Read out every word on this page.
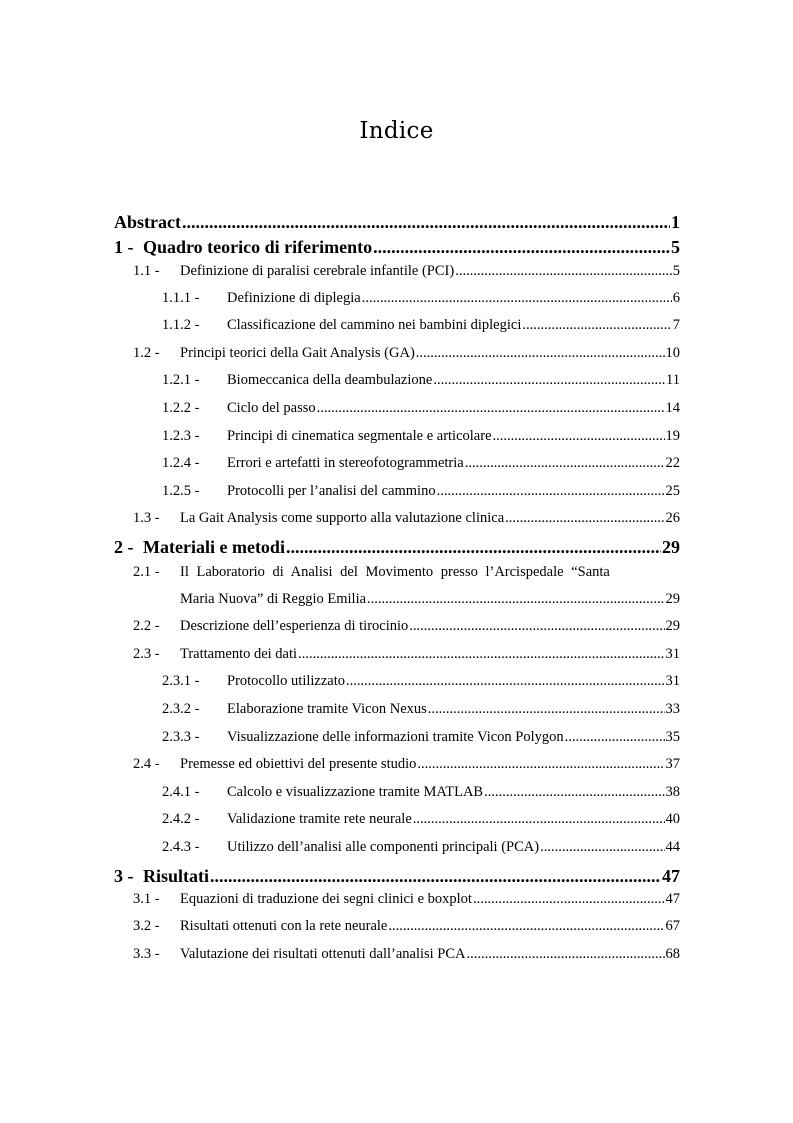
Indice
Abstract .....	1
1 - Quadro teorico di riferimento .....	5
1.1 - Definizione di paralisi cerebrale infantile (PCI) .....	5
1.1.1 - Definizione di diplegia .....	6
1.1.2 - Classificazione del cammino nei bambini diplegici .....	7
1.2 - Principi teorici della Gait Analysis (GA) .....	10
1.2.1 - Biomeccanica della deambulazione .....	11
1.2.2 - Ciclo del passo .....	14
1.2.3 - Principi di cinematica segmentale e articolare .....	19
1.2.4 - Errori e artefatti in stereofotogrammetria .....	22
1.2.5 - Protocolli per l’analisi del cammino .....	25
1.3 - La Gait Analysis come supporto alla valutazione clinica .....	26
2 - Materiali e metodi .....	29
2.1 - Il Laboratorio di Analisi del Movimento presso l’Arcispedale “Santa
Maria Nuova” di Reggio Emilia .....	29
2.2 - Descrizione dell’esperienza di tirocinio .....	29
2.3 - Trattamento dei dati .....	31
2.3.1 - Protocollo utilizzato .....	31
2.3.2 - Elaborazione tramite Vicon Nexus .....	33
2.3.3 - Visualizzazione delle informazioni tramite Vicon Polygon .....	35
2.4 - Premesse ed obiettivi del presente studio .....	37
2.4.1 - Calcolo e visualizzazione tramite MATLAB .....	38
2.4.2 - Validazione tramite rete neurale .....	40
2.4.3 - Utilizzo dell’analisi alle componenti principali (PCA) .....	44
3 - Risultati .....	47
3.1 - Equazioni di traduzione dei segni clinici e boxplot .....	47
3.2 - Risultati ottenuti con la rete neurale .....	67
3.3 - Valutazione dei risultati ottenuti dall’analisi PCA .....	68
